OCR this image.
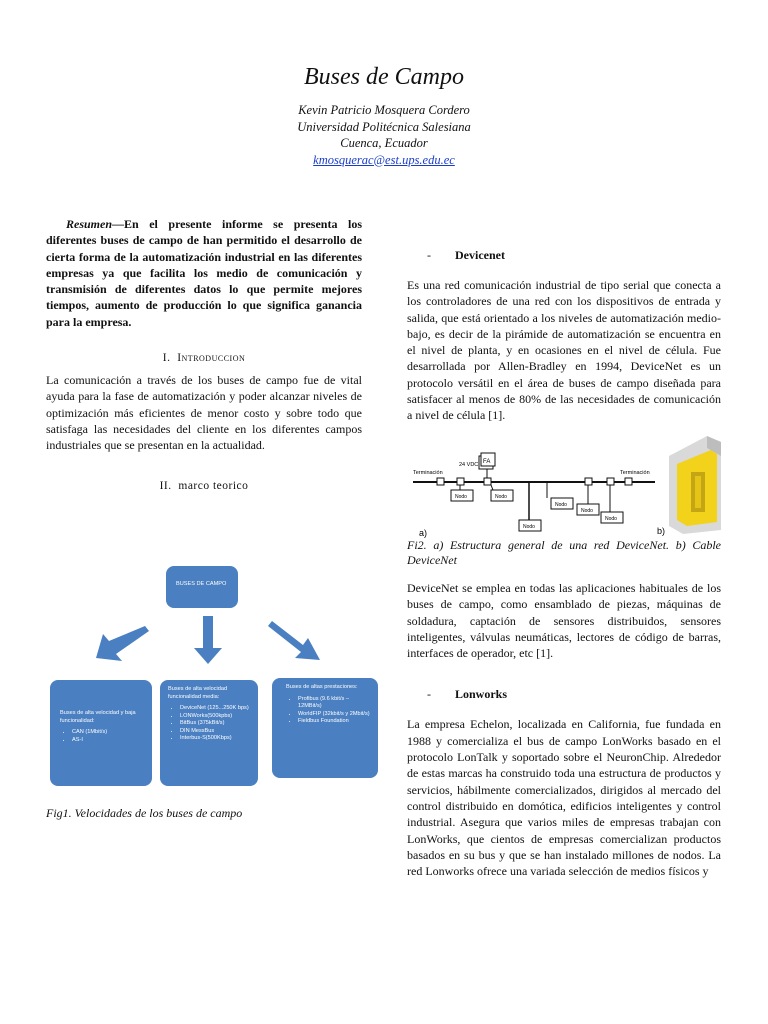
Buses de Campo
Kevin Patricio Mosquera Cordero
Universidad Politécnica Salesiana
Cuenca, Ecuador
kmosquerac@est.ups.edu.ec

Resumen—En el presente informe se presenta los diferentes buses de campo de han permitido el desarrollo de cierta forma de la automatización industrial en las diferentes empresas ya que facilita los medio de comunicación y transmisión de diferentes datos lo que permite mejores tiempos, aumento de producción lo que significa ganancia para la empresa.

I. Introduccion

La comunicación a través de los buses de campo fue de vital ayuda para la fase de automatización y poder alcanzar niveles de optimización más eficientes de menor costo y sobre todo que satisfaga las necesidades del cliente en los diferentes campos industriales que se presentan en la actualidad.

II. marco teorico

BUSES DE CAMPO
Buses de alta velocidad y baja funcionalidad:
• CAN (1Mbit/s)
• AS-I
Buses de alta velocidad funcionalidad media:
• DeviceNet (125...250K bps)
• LONWorks(500kpbs)
• BitBus (375kBit/s)
• DIN MessBus
• Interbus-S(500Kbps)
Buses de altas prestaciones:
• Profibus (9.6 kbit/s – 12MBit/s)
• WorldFIP (32kbit/s y 2Mbit/s)
• Fieldbus Foundation

Fig1. Velocidades de los buses de campo

- Devicenet

Es una red comunicación industrial de tipo serial que conecta a los controladores de una red con los dispositivos de entrada y salida, que está orientado a los niveles de automatización medio-bajo, es decir de la pirámide de automatización se encuentra en el nivel de planta, y en ocasiones en el nivel de célula. Fue desarrollada por Allen-Bradley en 1994, DeviceNet es un protocolo versátil en el área de buses de campo diseñada para satisfacer al menos de 80% de las necesidades de comunicación a nivel de célula [1].

Terminación	Terminación
24 VDC FA
Nodo	Nodo
Nodo
Nodo
Nodo
Nodo
a)	b)

Fi2. a) Estructura general de una red DeviceNet. b) Cable DeviceNet

DeviceNet se emplea en todas las aplicaciones habituales de los buses de campo, como ensamblado de piezas, máquinas de soldadura, captación de sensores distribuidos, sensores inteligentes, válvulas neumáticas, lectores de código de barras, interfaces de operador, etc [1].

- Lonworks

La empresa Echelon, localizada en California, fue fundada en 1988 y comercializa el bus de campo LonWorks basado en el protocolo LonTalk y soportado sobre el NeuronChip. Alrededor de estas marcas ha construido toda una estructura de productos y servicios, hábilmente comercializados, dirigidos al mercado del control distribuido en domótica, edificios inteligentes y control industrial. Asegura que varios miles de empresas trabajan con LonWorks, que cientos de empresas comercializan productos basados en su bus y que se han instalado millones de nodos. La red Lonworks ofrece una variada selección de medios físicos y
